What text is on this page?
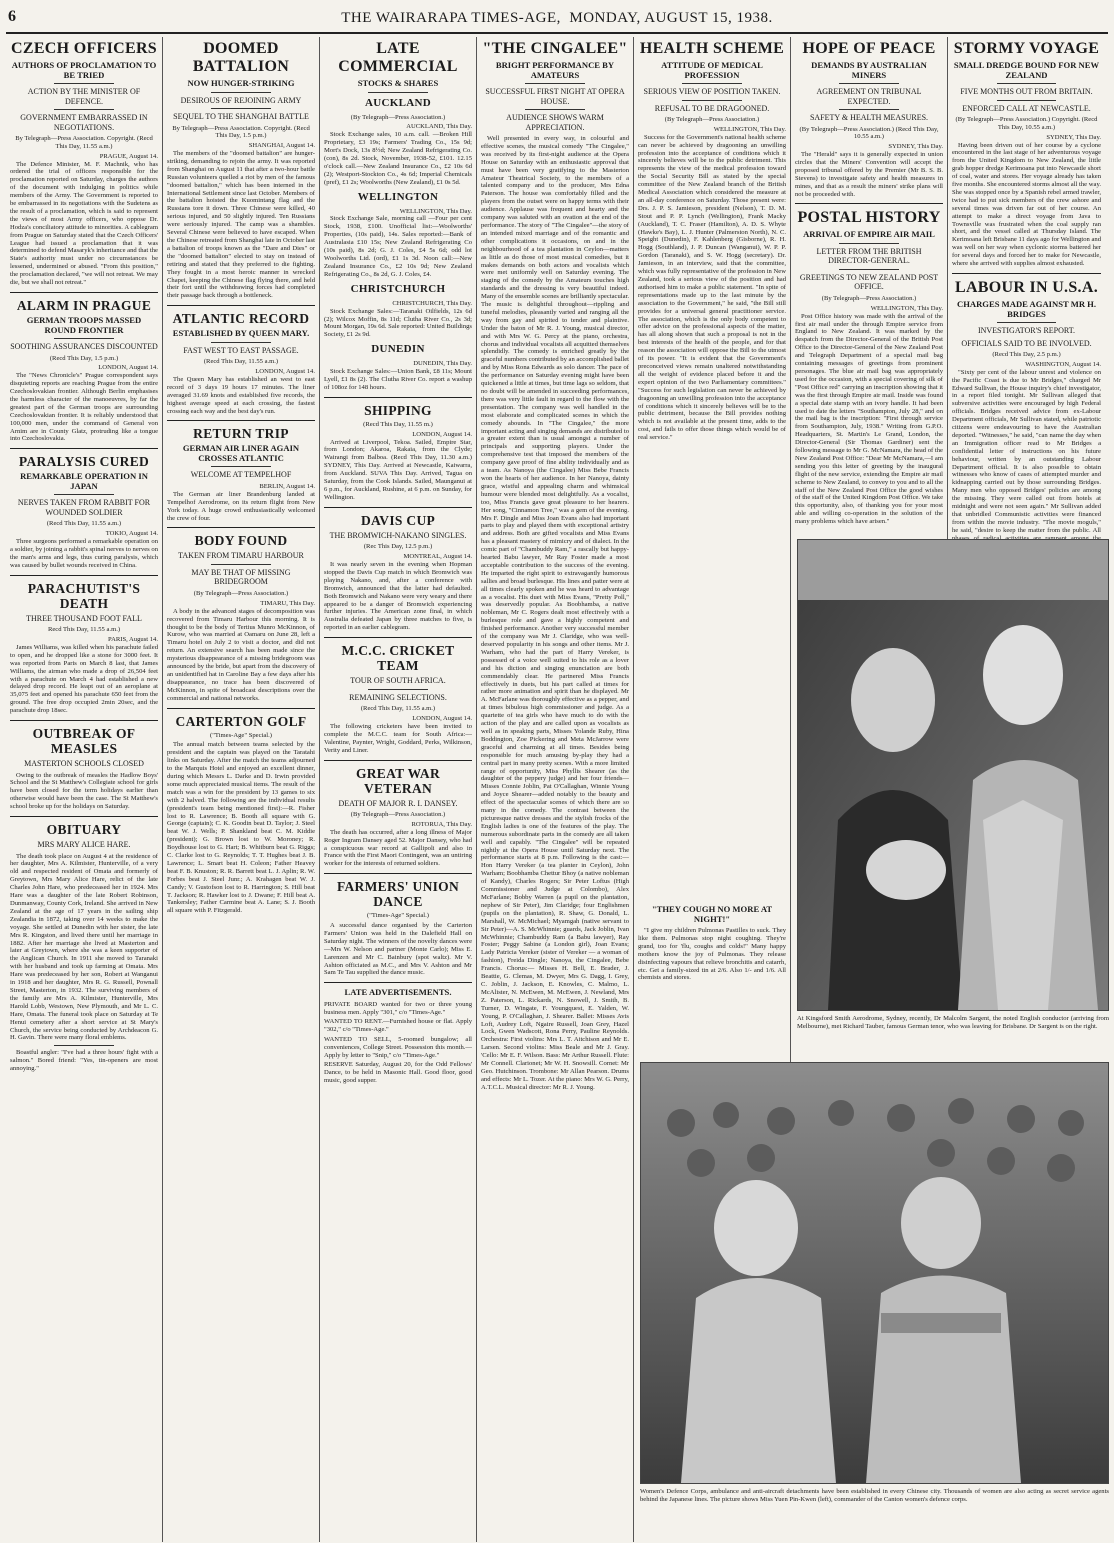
6	THE WAIRARAPA TIMES-AGE,
MONDAY, AUGUST 15, 1938.
CZECH OFFICERS
AUTHORS OF PROCLAMATION TO BE TRIED
ACTION BY THE MINISTER OF DEFENCE.
GOVERNMENT EMBARRASSED IN NEGOTIATIONS.
By Telegraph—Press Association. Copyright. (Recd This Day, 11.55 a.m.)
PRAGUE, August 14.

The Defence Minister, M. F. Machnik, who has ordered the trial of officers responsible for the proclamation reported on Saturday, charges the authors of the document with indulging in politics while members of the Army. The Government is reported to be embarrassed in its negotiations with the Sudetens as the result of a proclamation, which is said to represent the views of most Army officers, who oppose Dr. Hodza's conciliatory attitude to minorities. A cablegram from Prague on Saturday stated that the Czech Officers' League had issued a proclamation that it was determined to defend Masaryk's inheritance and that the State's authority must under no circumstances be lessened, undermined or abused. "From this position," the proclamation declared, "we will not retreat. We may die, but we shall not retreat."

ALARM IN PRAGUE
GERMAN TROOPS MASSED ROUND FRONTIER
SOOTHING ASSURANCES DISCOUNTED
(Recd This Day, 1.5 p.m.)
LONDON, August 14.

The "News Chronicle's" Prague correspondent says disquieting reports are reaching Prague from the entire Czechoslovakian frontier. Although Berlin emphasises the harmless character of the manoeuvres, by far the greatest part of the German troops are surrounding Czechoslovakian frontier. It is reliably understood that 100,000 men, under the command of General von Arnim are in County Glatz, protruding like a tongue into Czechoslovakia.

PARALYSIS CURED
REMARKABLE OPERATION IN JAPAN
NERVES TAKEN FROM RABBIT FOR WOUNDED SOLDIER
(Recd This Day, 11.55 a.m.)
TOKIO, August 14.

Three surgeons performed a remarkable operation on a soldier, by joining a rabbit's spinal nerves to nerves on the man's arms and legs, thus curing paralysis, which was caused by bullet wounds received in China.

PARACHUTIST'S DEATH
THREE THOUSAND FOOT FALL
Recd This Day, 11.55 a.m.)
PARIS, August 14.

James Williams, was killed when his parachute failed to open, and he dropped like a stone for 3000 feet. It was reported from Paris on March 8 last, that James Williams, the airman who made a drop of 26,504 feet with a parachute on March 4 had established a new delayed drop record. He leapt out of an aeroplane at 35,075 feet and opened his parachute 650 feet from the ground. The free drop occupied 2min 20sec, and the parachute drop 18sec.

OUTBREAK OF MEASLES
MASTERTON SCHOOLS CLOSED

Owing to the outbreak of measles the Hadlow Boys' School and the St Matthew's Collegiate school for girls have been closed for the term holidays earlier than otherwise would have been the case. The St Matthew's school broke up for the holidays on Saturday.

OBITUARY
MRS MARY ALICE HARE.

The death took place on August 4 at the residence of her daughter, Mrs A. Kilmister, Hunterville, of a very old and respected resident of Omata and formerly of Greytown, Mrs Mary Alice Hare, relict of the late Charles John Hare, who predeceased her in 1924. Mrs Hare was a daughter of the late Robert Robinson, Dunmanway, County Cork, Ireland. She arrived in New Zealand at the age of 17 years in the sailing ship Zealandia in 1872, taking over 14 weeks to make the voyage. She settled at Dunedin with her sister, the late Mrs R. Kingston, and lived there until her marriage in 1882. After her marriage she lived at Masterton and later at Greytown, where she was a keen supporter of the Anglican Church. In 1911 she moved to Taranaki with her husband and took up farming at Omata. Mrs Hare was predeceased by her son, Robert at Wanganui in 1918 and her daughter, Mrs R. G. Russell, Pownall Street, Masterton, in 1932. The surviving members of the family are Mrs A. Kilmister, Hunterville, Mrs Harold Lobb, Westown, New Plymouth, and Mr L. C. Hare, Omata. The funeral took place on Saturday at Te Henui cemetery after a short service at St Mary's Church, the service being conducted by Archdeacon G. H. Gavin. There were many floral emblems.

Boastful angler: "I've had a three hours' fight with a salmon." Bored friend: "Yes, tin-openers are most annoying."

DOOMED BATTALION
NOW HUNGER-STRIKING
DESIROUS OF REJOINING ARMY
SEQUEL TO THE SHANGHAI BATTLE
By Telegraph—Press Association. Copyright. (Recd This Day, 1.5 p.m.)
SHANGHAI, August 14.

The members of the "doomed battalion" are hunger-striking, demanding to rejoin the army. It was reported from Shanghai on August 11 that after a two-hour battle Russian volunteers quelled a riot by men of the famous "doomed battalion," which has been interned in the International Settlement since last October. Members of the battalion hoisted the Kuomintang flag and the Russians tore it down. Three Chinese were killed, 40 serious injured, and 50 slightly injured. Ten Russians were seriously injured. The camp was a shambles. Several Chinese were believed to have escaped. When the Chinese retreated from Shanghai late in October last a battalion of troops known as the "Dare and Dies" or the "doomed battalion" elected to stay on instead of retiring and stated that they preferred to die fighting. They fought in a most heroic manner in wrecked Chapei, keeping the Chinese flag flying there, and held their fort until the withdrawing forces had completed their passage back through a bottleneck.

ATLANTIC RECORD
ESTABLISHED BY QUEEN MARY.
FAST WEST TO EAST PASSAGE.
(Recd This Day, 11.55 a.m.)
LONDON, August 14.

The Queen Mary has established an west to east record of 3 days 19 hours 17 minutes. The liner averaged 31.69 knots and established five records, the highest average speed at each crossing, the fastest crossing each way and the best day's run.

RETURN TRIP
GERMAN AIR LINER AGAIN CROSSES ATLANTIC
WELCOME AT TEMPELHOF
BERLIN, August 14.

The German air liner Brandenburg landed at Tempelhof Aerodrome, on its return flight from New York today. A huge crowd enthusiastically welcomed the crew of four.

BODY FOUND
TAKEN FROM TIMARU HARBOUR
MAY BE THAT OF MISSING BRIDEGROOM
(By Telegraph—Press Association.)
TIMARU, This Day.

A body in the advanced stages of decomposition was recovered from Timaru Harbour this morning. It is thought to be the body of Tertius Munro McKinnon, of Kurow, who was married at Oamaru on June 28, left a Timaru hotel on July 2 to visit a doctor, and did not return. An extensive search has been made since the mysterious disappearance of a missing bridegroom was announced by the bride, but apart from the discovery of an unidentified hat in Caroline Bay a few days after his disappearance, no trace has been discovered of McKinnon, in spite of broadcast descriptions over the commercial and national networks.

CARTERTON GOLF
("Times-Age" Special.)

The annual match between teams selected by the president and the captain was played on the Taratahi links on Saturday. After the match the teams adjourned to the Marquis Hotel and enjoyed an excellent dinner, during which Messrs L. Darke and D. Irwin provided some much appreciated musical items. The result of the match was a win for the president by 13 games to six with 2 halved. The following are the individual results (president's team being mentioned first):—R. Fisher lost to R. Lawrence; B. Booth all square with G. George (captain); C. K. Goodin beat D. Taylor; J. Steel beat W. J. Wells; P. Shankland beat C. M. Kiddie (president); G. Brown lost to W. Moroney; R. Boydhouse lost to G. Hart; B. Whitburn beat G. Riggs; C. Clarke lost to G. Reynolds; T. T. Hughes beat J. B. Lawrence; L. Smart beat H. Coleon; Father Heavey beat F. B. Knuston; R. R. Barrett beat L. J. Aplin; R. W. Forbes beat J. Steel Junr.; A. Krahagen beat W. J. Candy; V. Gustofson lost to R. Harrington; S. Hill beat T. Jackson; R. Hawker lost to J. Dwane; F. Hill beat A. Tankersley; Father Carmine beat A. Lane; S. J. Booth all square with P. Fitzgerald.

LATE COMMERCIAL
STOCKS & SHARES
AUCKLAND
(By Telegraph—Press Association.)
AUCKLAND, This Day.

Stock Exchange sales, 10 a.m. call. —Broken Hill Proprietary, £3 19s; Farmers' Trading Co., 15s 9d; Mort's Dock, 13s 8½d; New Zealand Refrigerating Co. (con), 8s 2d. Stock, November, 1938-52, £101. 12.15 o'clock call.—New Zealand Insurance Co., £2 10s 6d (2); Westport-Stockton Co., 4s 6d; Imperial Chemicals (pref), £1 2s; Woolworths (New Zealand), £1 0s 5d.

WELLINGTON
WELLINGTON, This Day.

Stock Exchange Sale, morning call —Four per cent Stock, 1938, £100. Unofficial list:—Woolworths' Properties, (10s paid), 14s. Sales reported:—Bank of Australasia £10 15s; New Zealand Refrigerating Co (10s paid), 8s 2d; G. J. Coles, £4 5s 6d; odd lot Woolworths Ltd. (ord), £1 1s 3d. Noon call:—New Zealand Insurance Co., £2 10s 9d; New Zealand Refrigerating Co., 8s 2d, G. J. Coles, £4.

CHRISTCHURCH
CHRISTCHURCH, This Day.

Stock Exchange Sales:—Taranaki Oilfields, 12s 6d (2); Wilcox Moffin, 8s 11d; Clutha River Co., 2s 3d; Mount Morgan, 19s 6d. Sale reported: United Buildings Society, £1 2s 9d.

DUNEDIN
DUNEDIN, This Day.

Stock Exchange Sales:—Union Bank, £8 11s; Mount Lyell, £1 8s (2). The Clutha River Co. report a washup of 108oz for 148 hours.

SHIPPING
(Recd This Day, 11.55 m.)
LONDON, August 14.

Arrived at Liverpool, Tekoa. Sailed, Empire Star, from London; Akaroa, Rakaia, from the Clyde; Wairangi from Balboa. (Recd This Day, 11.30 a.m.) SYDNEY, This Day. Arrived at Newcastle, Kaiwarra, from Auckland. SUVA This Day. Arrived, Tagua on Saturday, from the Cook Islands. Sailed, Maunganui at 6 p.m., for Auckland, Rushine, at 6 p.m. on Sunday, for Wellington.

DAVIS CUP
THE BROMWICH-NAKANO SINGLES.
(Rec This Day, 12.5 p.m.)
MONTREAL, August 14.

It was nearly seven in the evening when Hopman stopped the Davis Cup match in which Bromwich was playing Nakano, and, after a conference with Bromwich, announced that the latter had defaulted. Both Bromwich and Nakano were very weary and there appeared to be a danger of Bromwich experiencing further injuries. The American zone final, in which Australia defeated Japan by three matches to five, is reported in an earlier cablegram.

M.C.C. CRICKET TEAM
TOUR OF SOUTH AFRICA.
REMAINING SELECTIONS.
(Recd This Day, 11.55 a.m.)
LONDON, August 14.

The following cricketers have been invited to complete the M.C.C. team for South Africa:—Valentine, Paynter, Wright, Goddard, Perks, Wilkinson, Verity and Liner.

GREAT WAR VETERAN
DEATH OF MAJOR R. I. DANSEY.
(By Telegraph—Press Association.)
ROTORUA, This Day.

The death has occurred, after a long illness of Major Roger Ingram Dansey aged 52. Major Dansey, who had a conspicuous war record at Gallipoli and also in France with the First Maori Contingent, was an untiring worker for the interests of returned soldiers.

FARMERS' UNION DANCE
("Times-Age" Special.)

A successful dance organised by the Carterton Farmers' Union was held in the Dalefield Hall on Saturday night. The winners of the novelty dances were—Mrs W. Nelson and partner (Monte Carlo); Miss E. Larenzen and Mr C. Bainbury (spot waltz). Mr V. Ashton officiated as M.C., and Mrs V. Ashton and Mr Sam Te Tau supplied the dance music.

LATE ADVERTISEMENTS.

PRIVATE BOARD wanted for two or three young business men. Apply "301," c/o "Times-Age."

WANTED TO RENT.—Furnished house or flat. Apply "302," c/o "Times-Age."

WANTED TO SELL, 5-roomed bungalow; all conveniences, College Street. Possession this month.—Apply by letter to "Snip," c/o "Times-Age."

RESERVE Saturday, August 20, for the Odd Fellows' Dance, to be held in Masonic Hall. Good floor, good music, good supper.

"THE CINGALEE"
BRIGHT PERFORMANCE BY AMATEURS
SUCCESSFUL FIRST NIGHT AT OPERA HOUSE.
AUDIENCE SHOWS WARM APPRECIATION.

Well presented in every way, in colourful and effective scenes, the musical comedy "The Cingalee," was received by its first-night audience at the Opera House on Saturday with an enthusiastic approval that must have been very gratifying to the Masterton Amateur Theatrical Society, to the members of a talented company and to the producer, Mrs Edna Paterson. The house was comfortably filled and the players from the outset were on happy terms with their audience. Applause was frequent and hearty and the company was saluted with an ovation at the end of the performance. The story of "The Cingalee"—the story of an intended mixed marriage and of the romantic and other complications it occasions, on and in the neighbourhood of a tea plantation in Ceylon—matters as little as do those of most musical comedies, but it makes demands on both actors and vocalists which were met uniformly well on Saturday evening. The staging of the comedy by the Amateurs touches high standards and the dressing is very beautiful indeed. Many of the ensemble scenes are brilliantly spectacular. The music is delightful throughout—rippling and tuneful melodies, pleasantly varied and ranging all the way from gay and spirited to tender and plaintive. Under the baton of Mr R. J. Young, musical director, and with Mrs W. G. Percy at the piano, orchestra, chorus and individual vocalists all acquitted themselves splendidly. The comedy is enriched greatly by the graceful numbers contributed by an accomplished ballet and by Miss Rona Edwards as solo dancer. The pace of the performance on Saturday evening might have been quickened a little at times, but time lags so seldom, that no doubt will be amended in succeeding performances, there was very little fault in regard to the flow with the presentation. The company was well handled in the most elaborate and complicated scenes in which the comedy abounds. In "The Cingalee," the more important acting and singing demands are distributed to a greater extent than is usual amongst a number of principals and supporting players. Under the comprehensive test that imposed the members of the company gave proof of fine ability individually and as a team. As Nanoya (the Cingalee) Miss Bebe Francis won the hearts of her audience. In her Nanoya, dainty grace, wistful and appealing charm and whimsical humour were blended most delightfully. As a vocalist, too, Miss Francis gave great pleasure to her hearers. Her song, "Cinnamon Tree," was a gem of the evening. Mrs F. Dingle and Miss Joan Evans also had important parts to play and played them with exceptional artistry and address. Both are gifted vocalists and Miss Evans has a pleasant mastery of mimicry and of dialect. In the comic part of "Chambuddy Ram," a rascally but happy-hearted Babu lawyer, Mr Ray Foster made a most acceptable contribution to the success of the evening. He imparted the right spirit to extravagantly humorous sallies and broad burlesque. His lines and patter were at all times clearly spoken and he was heard to advantage as a vocalist. His duet with Miss Evans, "Pretty Poll," was deservedly popular. As Boobhamba, a native nobleman, Mr C. Rogers dealt most effectively with a burlesque role and gave a highly competent and finished performance. Another very successful member of the company was Mr J. Claridge, who was well-deserved popularity in his songs and other items. Mr J. Warham, who had the part of Harry Vereker, is possessed of a voice well suited to his role as a lover and his diction and singing enunciation are both commendably clear. He partnered Miss Francis effectively in duets, but his part called at times for rather more animation and spirit than he displayed. Mr A. McFarlane was thoroughly effective as a pepper, and at times bibulous high commissioner and judge. As a quartette of tea girls who have much to do with the action of the play and are called upon as vocalists as well as in speaking parts, Misses Yolande Ruby, Hina Boddington, Zoe Pickering and Meta McJarrow were graceful and charming at all times. Besides being responsible for much amusing by-play they had a central part in many pretty scenes. With a more limited range of opportunity, Miss Phyllis Shearer (as the daughter of the peppery judge) and her four friends—Misses Connie Joblin, Pat O'Callaghan, Winnie Young and Joyce Shearer—added notably to the beauty and effect of the spectacular scenes of which there are so many in the comedy. The contrast between the picturesque native dresses and the stylish frocks of the English ladies is one of the features of the play. The numerous subordinate parts in the comedy are all taken well and capably. "The Cingalee" will be repeated nightly at the Opera House until Saturday next. The performance starts at 8 p.m. Following is the cast:— Hon Harry Vereker (a tea planter in Ceylon), John Warham; Boobhamba Chettur Bhoy (a native nobleman of Kandy), Charles Rogers; Sir Peter Loftus (High Commissioner and Judge at Colombo), Alex McFarlane; Bobby Warren (a pupil on the plantation, nephew of Sir Peter), Jim Claridge; four Englishmen (pupils on the plantation), R. Shaw, G. Donald, L. Marshall, W. McMichael; Myamgah (native servant to Sir Peter)—A. S. McWhinnie; guards, Jack Joblin, Ivan McWhinnie; Chambuddy Ram (a Babu lawyer), Ray Foster; Peggy Sabine (a London girl), Joan Evans; Lady Patricia Vereker (sister of Vereker — a woman of fashion), Freida Dingle; Nanoya, the Cingalee, Bebe Francis. Chorus:— Misses H. Bell, E. Brader, J. Beattie, G. Clemas, M. Dwyer, Mrs G. Dagg, I. Grey, C. Joblin, J. Jackson, E. Knowles, C. Malmo, L. McAlister, N. McEwen, M. McEwen, J. Newland, Mrs Z. Paterson, L. Rickards, N. Snowell, J. Smith, B. Turner, D. Wingate, F. Youngquest, E. Yalden, W. Young, P. O'Callaghan, J. Shearer. Ballet: Misses Avis Loft, Audrey Loft, Ngaire Russell, Joan Grey, Hazel Lock, Gwen Wadscott, Rona Perry, Pauline Reynolds. Orchestra: First violins: Mrs L. T. Aitchison and Mr E. Larsen. Second violins: Miss Beale and Mr J. Gray. 'Cello: Mr E. F. Wilson. Bass: Mr Arthur Russell. Flute: Mr Connell. Clarionet; Mr W. H. Snowsill. Cornet: Mr Geo. Hutchinson. Trombone: Mr Allan Pearson. Drums and effects: Mr L. Tozer. At the piano: Mrs W. G. Perry, A.T.C.L. Musical director: Mr R. J. Young.

HEALTH SCHEME
ATTITUDE OF MEDICAL PROFESSION
SERIOUS VIEW OF POSITION TAKEN.
REFUSAL TO BE DRAGOONED.
(By Telegraph—Press Association.)
WELLINGTON, This Day.

Success for the Government's national health scheme can never be achieved by dragooning an unwilling profession into the acceptance of conditions which it sincerely believes will be to the public detriment. This represents the view of the medical profession toward the Social Security Bill as stated by the special committee of the New Zealand branch of the British Medical Association which considered the measure at an all-day conference on Saturday. Those present were: Drs. J. P. S. Jamieson, president (Nelson), T. D. M. Stout and P. P. Lynch (Wellington), Frank Macky (Auckland), T. C. Fraser (Hamilton), A. D. S. Whyte (Hawke's Bay), L. J. Hunter (Palmerston North), N. C. Speight (Dunedin), F. Kahlenberg (Gisborne), R. H. Hogg (Southland), J. P. Duncan (Wanganui), W. P. P. Gordon (Taranaki), and S. W. Hogg (secretary). Dr. Jamieson, in an interview, said that the committee, which was fully representative of the profession in New Zealand, took a serious view of the position and had authorised him to make a public statement. "In spite of representations made up to the last minute by the association to the Government," he said, "the Bill still provides for a universal general practitioner service. The association, which is the only body competent to offer advice on the professional aspects of the matter, has all along shown that such a proposal is not in the best interests of the health of the people, and for that reason the association will oppose the Bill to the utmost of its power. "It is evident that the Government's preconceived views remain unaltered notwithstanding all the weight of evidence placed before it and the expert opinion of the two Parliamentary committees." "Success for such legislation can never be achieved by dragooning an unwilling profession into the acceptance of conditions which it sincerely believes will be to the public detriment, because the Bill provides nothing which is not available at the present time, adds to the cost, and fails to offer those things which would be of real service."

HOPE OF PEACE
DEMANDS BY AUSTRALIAN MINERS
AGREEMENT ON TRIBUNAL EXPECTED.
SAFETY & HEALTH MEASURES.
(By Telegraph—Press Association.) (Recd This Day, 10.55 a.m.)
SYDNEY, This Day.

The "Herald" says it is generally expected in union circles that the Miners' Convention will accept the proposed tribunal offered by the Premier (Mr B. S. B. Stevens) to investigate safety and health measures in mines, and that as a result the miners' strike plans will not be proceeded with.

POSTAL HISTORY
ARRIVAL OF EMPIRE AIR MAIL
LETTER FROM THE BRITISH DIRECTOR-GENERAL.
GREETINGS TO NEW ZEALAND POST OFFICE.
(By Telegraph—Press Association.)
WELLINGTON, This Day.

Post Office history was made with the arrival of the first air mail under the through Empire service from England to New Zealand. It was marked by the despatch from the Director-General of the British Post Office to the Director-General of the New Zealand Post and Telegraph Department of a special mail bag containing messages of greetings from prominent personages. The blue air mail bag was appropriately used for the occasion, with a special covering of silk of "Post Office red" carrying an inscription showing that it was the first through Empire air mail. Inside was found a special date stamp with an ivory handle. It had been used to date the letters "Southampton, July 28," and on the mail bag is the inscription: "First through service from Southampton, July, 1938." Writing from G.P.O. Headquarters, St. Martin's Le Grand, London, the Director-General (Sir Thomas Gardiner) sent the following message to Mr G. McNamara, the head of the New Zealand Post Office: "Dear Mr McNamara,—I am sending you this letter of greeting by the inaugural flight of the new service, extending the Empire air mail scheme to New Zealand, to convey to you and to all the staff of the New Zealand Post Office the good wishes of the staff of the United Kingdom Post Office. We take this opportunity, also, of thanking you for your most able and willing co-operation in the solution of the many problems which have arisen."

STORMY VOYAGE
SMALL DREDGE BOUND FOR NEW ZEALAND
FIVE MONTHS OUT FROM BRITAIN.
ENFORCED CALL AT NEWCASTLE.
(By Telegraph—Press Association.) Copyright. (Recd This Day, 10.55 a.m.)
SYDNEY, This Day.

Having been driven out of her course by a cyclone encountered in the last stage of her adventurous voyage from the United Kingdom to New Zealand, the little grab hopper dredge Kerimoana put into Newcastle short of coal, water and stores. Her voyage already has taken five months. She encountered storms almost all the way. She was stopped once by a Spanish rebel armed trawler, twice had to put sick members of the crew ashore and several times was driven far out of her course. An attempt to make a direct voyage from Java to Townsville was frustrated when the coal supply ran short, and the vessel called at Thursday Island. The Kerimoana left Brisbane 11 days ago for Wellington and was well on her way when cyclonic storms battered her for several days and forced her to make for Newcastle, where she arrived with supplies almost exhausted.

LABOUR IN U.S.A.
CHARGES MADE AGAINST MR H. BRIDGES
INVESTIGATOR'S REPORT.
OFFICIALS SAID TO BE INVOLVED.
(Recd This Day, 2.5 p.m.)
WASHINGTON, August 14.

"Sixty per cent of the labour unrest and violence on the Pacific Coast is due to Mr Bridges," charged Mr Edward Sullivan, the House inquiry's chief investigator, in a report filed tonight. Mr Sullivan alleged that subversive activities were encouraged by high Federal officials. Bridges received advice from ex-Labour Department officials, Mr Sullivan stated, while patriotic citizens were endeavouring to have the Australian deported. "Witnesses," he said, "can name the day when an Immigration officer read to Mr Bridges a confidential letter of instructions on his future behaviour, written by an outstanding Labour Department official. It is also possible to obtain witnesses who know of cases of attempted murder and kidnapping carried out by those surrounding Bridges. Many men who opposed Bridges' policies are among the missing. They were called out from hotels at midnight and were not seen again." Mr Sullivan added that unbridled Communistic activities were financed from within the movie industry. "The movie moguls," he said, "desire to keep the matter from the public. All

"THEY COUGH NO MORE AT NIGHT!"

"I give my children Pulmonas Pastilles to suck. They like them. Pulmonas stop night coughing. They're grand, too for 'flu, coughs and colds!" Many happy mothers know the joy of Pulmonas. They release disinfecting vapours that relieve bronchitis and catarrh, etc. Get a family-sized tin at 2/6. Also 1/- and 1/6. All chemists and stores.

At Kingsford Smith Aerodrome, Sydney, recently, Dr Malcolm Sargent, the noted English conductor (arriving from Melbourne), met Richard Tauber, famous German tenor, who was leaving for Brisbane. Dr Sargent is on the right.
Women's Defence Corps, ambulance and anti-aircraft detachments have been established in every Chinese city. Thousands of women are also acting as secret service agents behind the Japanese lines. The picture shows Miss Yuen Pin-Kwen (left), commander of the Canton women's defence corps.
